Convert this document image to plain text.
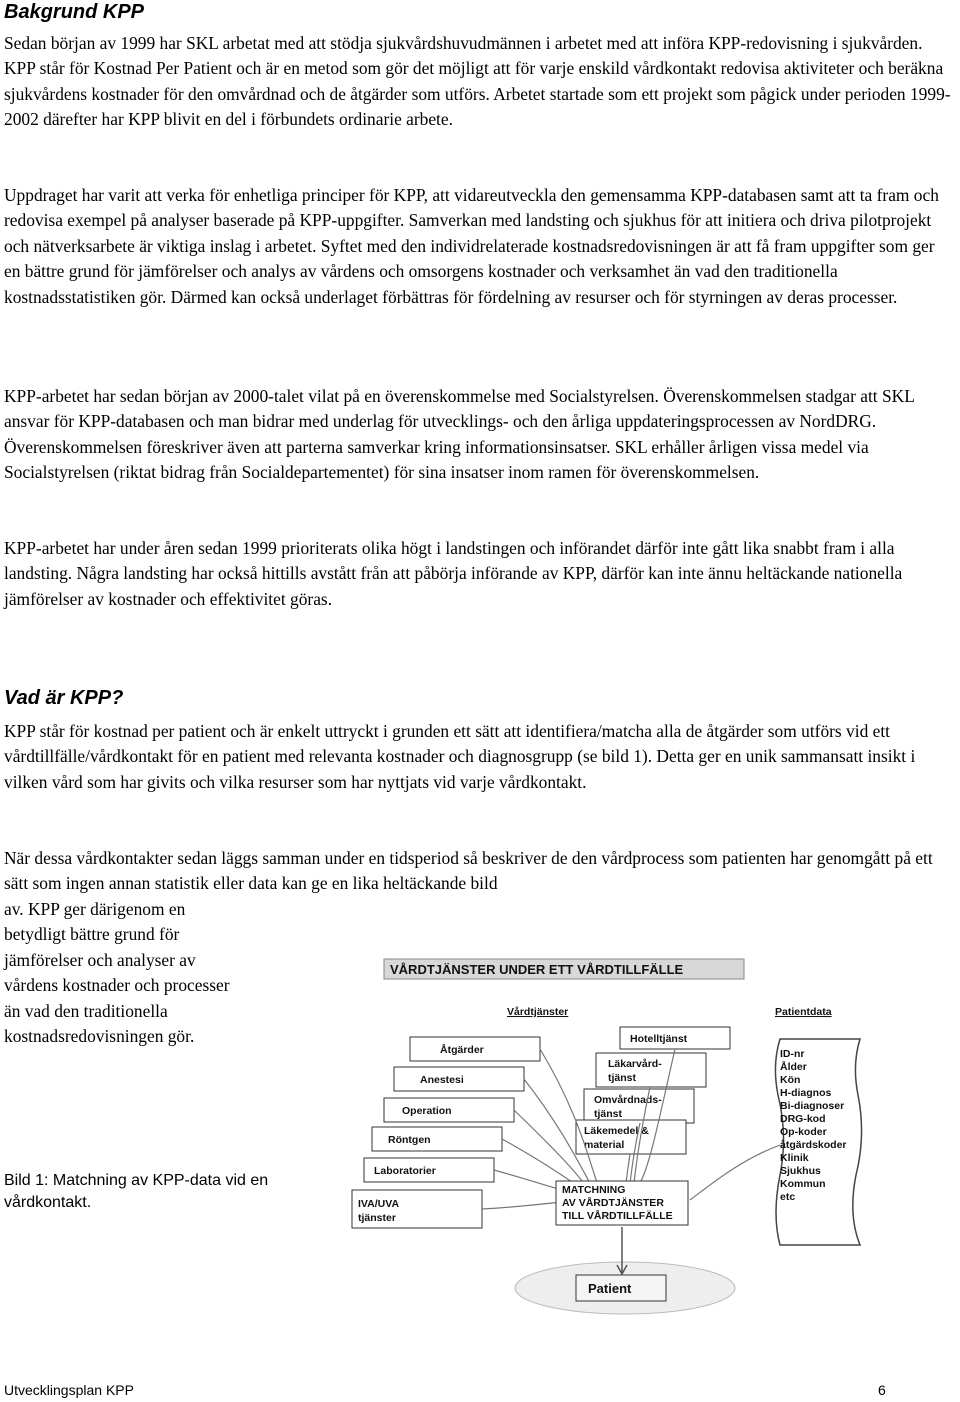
Bakgrund KPP

Sedan början av 1999 har SKL arbetat med att stödja sjukvårdshuvudmännen i arbetet med att införa KPP-redovisning i sjukvården. KPP står för Kostnad Per Patient och är en metod som gör det möjligt att för varje enskild vårdkontakt redovisa aktiviteter och beräkna sjukvårdens kostnader för den omvårdnad och de åtgärder som utförs. Arbetet startade som ett projekt som pågick under perioden 1999-2002 därefter har KPP blivit en del i förbundets ordinarie arbete.

Uppdraget har varit att verka för enhetliga principer för KPP, att vidareutveckla den gemensamma KPP-databasen samt att ta fram och redovisa exempel på analyser baserade på KPP-uppgifter. Samverkan med landsting och sjukhus för att initiera och driva pilotprojekt och nätverksarbete är viktiga inslag i arbetet. Syftet med den individrelaterade kostnadsredovisningen är att få fram uppgifter som ger en bättre grund för jämförelser och analys av vårdens och omsorgens kostnader och verksamhet än vad den traditionella kostnadsstatistiken gör. Därmed kan också underlaget förbättras för fördelning av resurser och för styrningen av deras processer.

KPP-arbetet har sedan början av 2000-talet vilat på en överenskommelse med Socialstyrelsen. Överenskommelsen stadgar att SKL ansvar för KPP-databasen och man bidrar med underlag för utvecklings- och den årliga uppdateringsprocessen av NordDRG. Överenskommelsen föreskriver även att parterna samverkar kring informationsinsatser. SKL erhåller årligen vissa medel via Socialstyrelsen (riktat bidrag från Socialdepartementet) för sina insatser inom ramen för överenskommelsen.

KPP-arbetet har under åren sedan 1999 prioriterats olika högt i landstingen och införandet därför inte gått lika snabbt fram i alla landsting. Några landsting har också hittills avstått från att påbörja införande av KPP, därför kan inte ännu heltäckande nationella jämförelser av kostnader och effektivitet göras.

Vad är KPP?

KPP står för kostnad per patient och är enkelt uttryckt i grunden ett sätt att identifiera/matcha alla de åtgärder som utförs vid ett vårdtillfälle/vårdkontakt för en patient med relevanta kostnader och diagnosgrupp (se bild 1). Detta ger en unik sammansatt insikt i vilken vård som har givits och vilka resurser som har nyttjats vid varje vårdkontakt.

När dessa vårdkontakter sedan läggs samman under en tidsperiod så beskriver de den vårdprocess som patienten har genomgått på ett sätt som ingen annan statistik eller data kan ge en lika heltäckande bild

av. KPP ger därigenom en betydligt bättre grund för jämförelser och analyser av vårdens kostnader och processer än vad den traditionella kostnadsredovisningen gör.

Bild 1: Matchning av KPP-data vid en vårdkontakt.

VÅRDTJÄNSTER UNDER ETT VÅRDTILLFÄLLE
Vårdtjänster	Patientdata
Åtgärder
Anestesi
Operation
Röntgen
Laboratorier
IVA/UVA
tjänster
Hotelltjänst
Läkarvård-
tjänst
Omvårdnads-
tjänst
Läkemedel &
material
MATCHNING
AV VÅRDTJÄNSTER
TILL VÅRDTILLFÄLLE
ID-nr
Ålder
Kön
H-diagnos
Bi-diagnoser
DRG-kod
Op-koder
åtgärdskoder
Klinik
Sjukhus
Kommun
etc
Patient
Utvecklingsplan KPP	6
